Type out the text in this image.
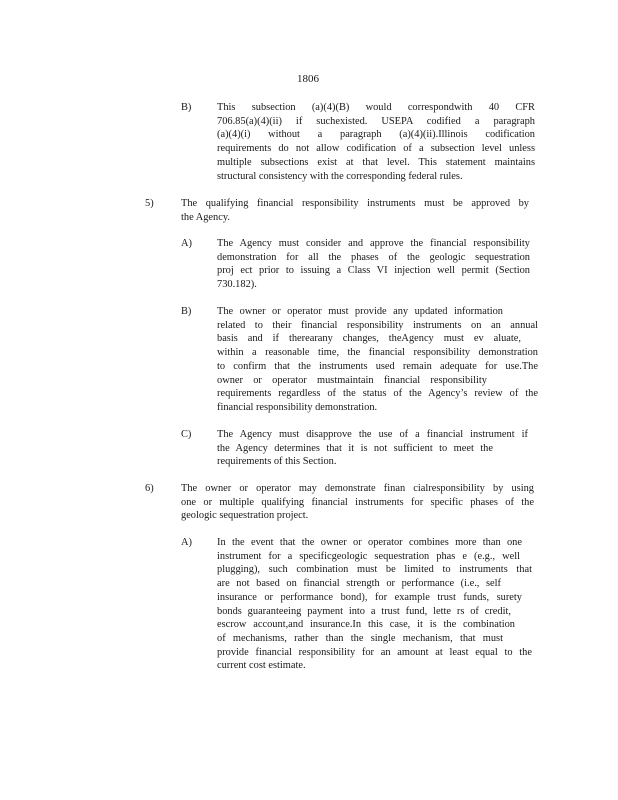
1806
B) This subsection (a)(4)(B) would correspondwith 40 CFR
706.85(a)(4)(ii) if suchexisted. USEPA codified a paragraph
(a)(4)(i) without a paragraph (a)(4)(ii).Illinois codification
requirements do not allow codification of a subsection level unless
multiple subsections exist at that level. This statement maintains
structural consistency with the corresponding federal rules.
5)	The qualifying financial responsibility instruments must be approved by
the Agency.
A) The Agency must consider and approve the financial responsibility
demonstration for all the phases of the geologic sequestration
proj ect prior to issuing a Class VI injection well permit (Section
730.182).
B) The owner or operator must provide any updated information
related to their financial responsibility instruments on an annual
basis and if therearany changes, theAgency must ev aluate,
within a reasonable time, the financial responsibility demonstration
to confirm that the instruments used remain adequate for use.The
owner or operator mustmaintain financial responsibility
requirements regardless of the status of the Agency’s review of the
financial responsibility demonstration.
C) The Agency must disapprove the use of a financial instrument if
the Agency determines that it is not sufficient to meet the
requirements of this Section.
6)	The owner or operator may demonstrate finan cialresponsibility by using
one or multiple qualifying financial instruments for specific phases of the
geologic sequestration project.
A) In the event that the owner or operator combines more than one
instrument for a specificgeologic sequestration phas e (e.g., well
plugging), such combination must be limited to instruments that
are not based on financial strength or performance (i.e., self
insurance or performance bond), for example trust funds, surety
bonds guaranteeing payment into a trust fund, lette rs of credit,
escrow account,and insurance.In this case, it is the combination
of mechanisms, rather than the single mechanism, that must
provide financial responsibility for an amount at least equal to the
current cost estimate.
